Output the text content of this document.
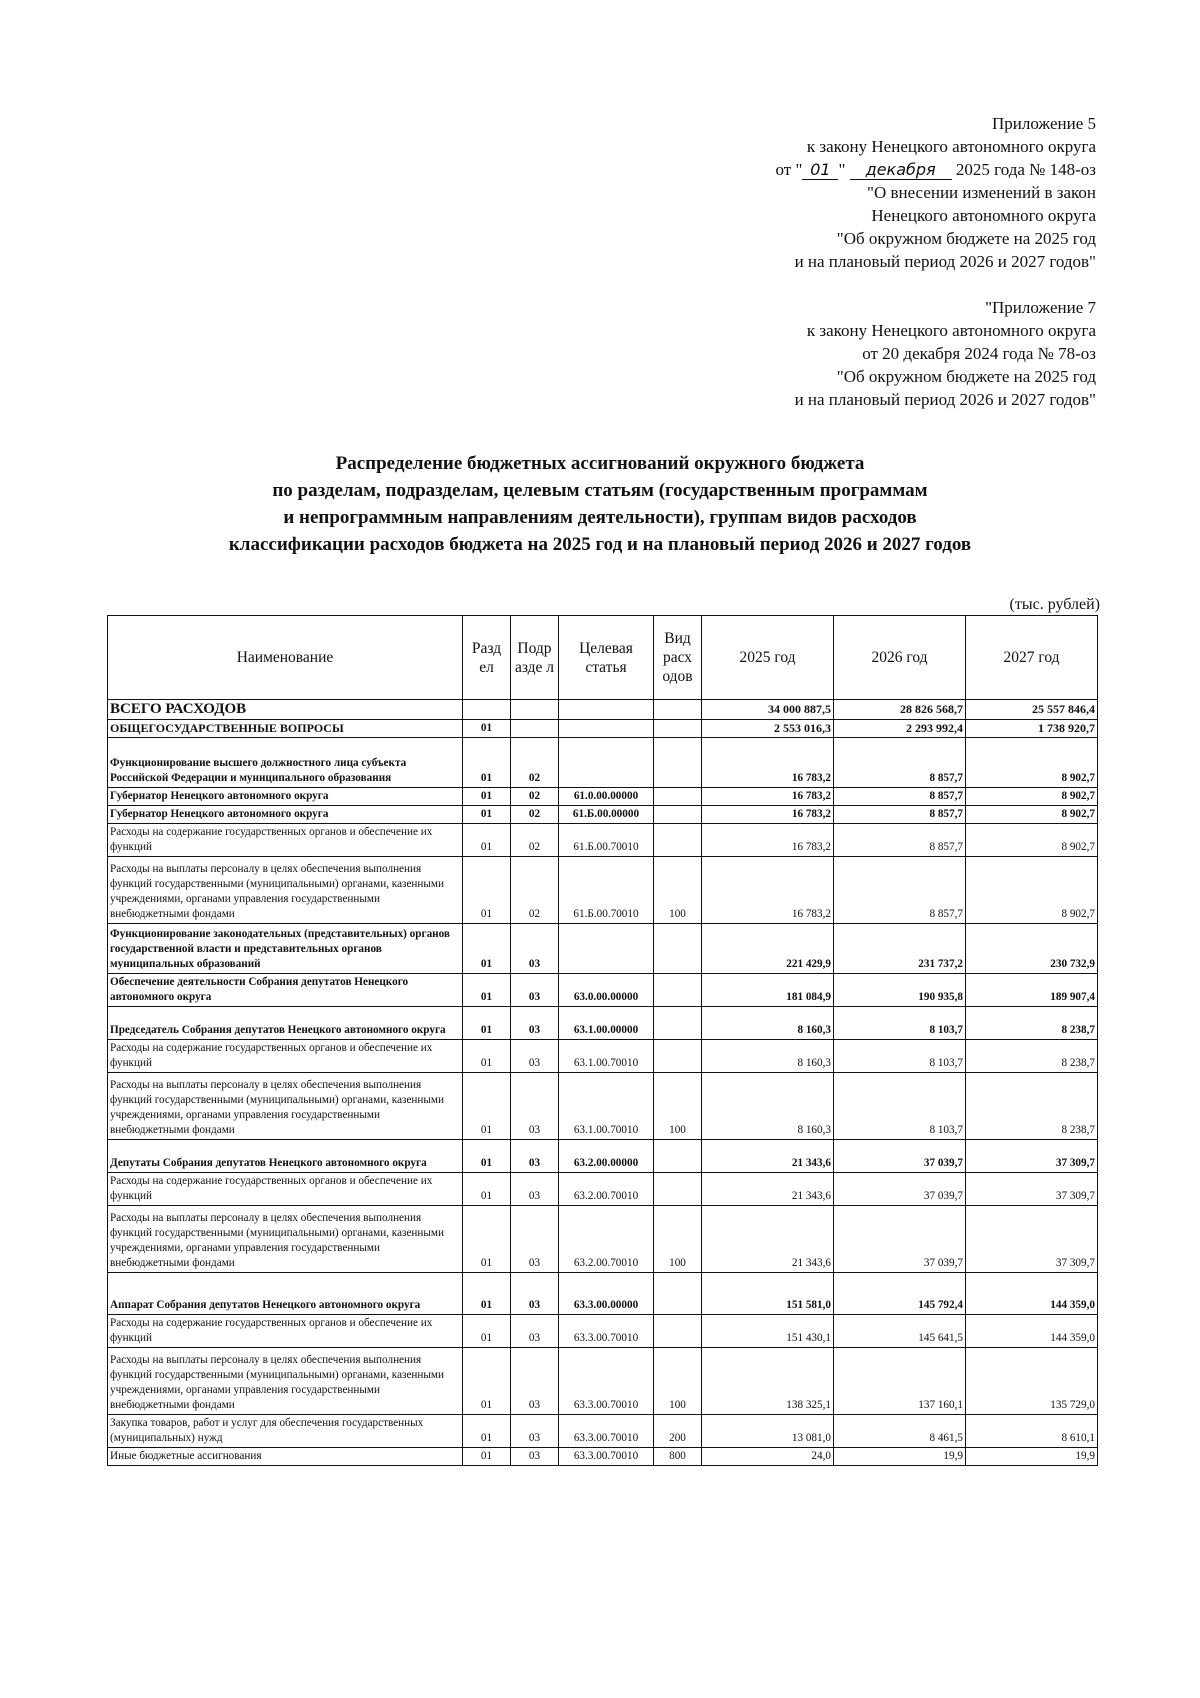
Приложение 5
к закону Ненецкого автономного округа
от " 01 " декабря 2025 года № 148-оз
"О внесении изменений в закон
Ненецкого автономного округа
"Об окружном бюджете на 2025 год
и на плановый период 2026 и 2027 годов"
"Приложение 7
к закону Ненецкого автономного округа
от 20 декабря 2024 года № 78-оз
"Об окружном бюджете на 2025 год
и на плановый период 2026 и 2027 годов"
Распределение бюджетных ассигнований окружного бюджета
по разделам, подразделам, целевым статьям (государственным программам
и непрограммным направлениям деятельности), группам видов расходов
классификации расходов бюджета на 2025 год и на плановый период 2026 и 2027 годов
(тыс. рублей)
Наименование	Разд ел	Подр азде л	Целевая статья	Вид расх одов	2025 год	2026 год	2027 год
ВСЕГО РАСХОДОВ					34 000 887,5	28 826 568,7	25 557 846,4
ОБЩЕГОСУДАРСТВЕННЫЕ ВОПРОСЫ	01				2 553 016,3	2 293 992,4	1 738 920,7
Функционирование высшего должностного лица субъекта Российской Федерации и муниципального образования	01	02			16 783,2	8 857,7	8 902,7
Губернатор Ненецкого автономного округа	01	02	61.0.00.00000		16 783,2	8 857,7	8 902,7
Губернатор Ненецкого автономного округа	01	02	61.Б.00.00000		16 783,2	8 857,7	8 902,7
Расходы на содержание государственных органов и обеспечение их функций	01	02	61.Б.00.70010		16 783,2	8 857,7	8 902,7
Расходы на выплаты персоналу в целях обеспечения выполнения функций государственными (муниципальными) органами, казенными учреждениями, органами управления государственными внебюджетными фондами	01	02	61.Б.00.70010	100	16 783,2	8 857,7	8 902,7
Функционирование законодательных (представительных) органов государственной власти и представительных органов муниципальных образований	01	03			221 429,9	231 737,2	230 732,9
Обеспечение деятельности Собрания депутатов Ненецкого автономного округа	01	03	63.0.00.00000		181 084,9	190 935,8	189 907,4
Председатель Собрания депутатов Ненецкого автономного округа	01	03	63.1.00.00000		8 160,3	8 103,7	8 238,7
Расходы на содержание государственных органов и обеспечение их функций	01	03	63.1.00.70010		8 160,3	8 103,7	8 238,7
Расходы на выплаты персоналу в целях обеспечения выполнения функций государственными (муниципальными) органами, казенными учреждениями, органами управления государственными внебюджетными фондами	01	03	63.1.00.70010	100	8 160,3	8 103,7	8 238,7
Депутаты Собрания депутатов Ненецкого автономного округа	01	03	63.2.00.00000		21 343,6	37 039,7	37 309,7
Расходы на содержание государственных органов и обеспечение их функций	01	03	63.2.00.70010		21 343,6	37 039,7	37 309,7
Расходы на выплаты персоналу в целях обеспечения выполнения функций государственными (муниципальными) органами, казенными учреждениями, органами управления государственными внебюджетными фондами	01	03	63.2.00.70010	100	21 343,6	37 039,7	37 309,7
Аппарат Собрания депутатов Ненецкого автономного округа	01	03	63.3.00.00000		151 581,0	145 792,4	144 359,0
Расходы на содержание государственных органов и обеспечение их функций	01	03	63.3.00.70010		151 430,1	145 641,5	144 359,0
Расходы на выплаты персоналу в целях обеспечения выполнения функций государственными (муниципальными) органами, казенными учреждениями, органами управления государственными внебюджетными фондами	01	03	63.3.00.70010	100	138 325,1	137 160,1	135 729,0
Закупка товаров, работ и услуг для обеспечения государственных (муниципальных) нужд	01	03	63.3.00.70010	200	13 081,0	8 461,5	8 610,1
Иные бюджетные ассигнования	01	03	63.3.00.70010	800	24,0	19,9	19,9
